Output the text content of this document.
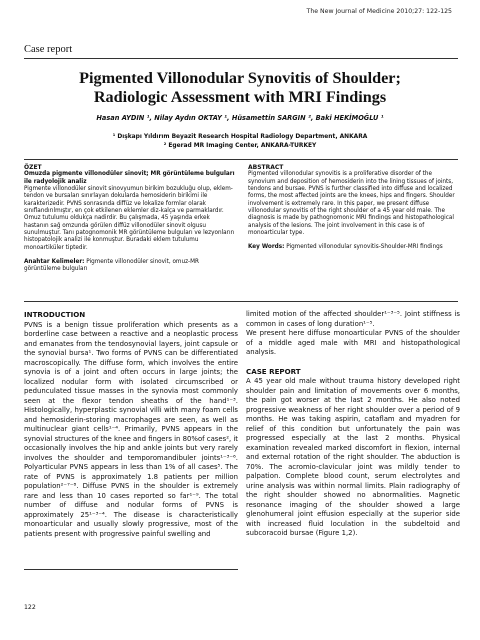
The New Journal of Medicine 2010;27: 122-125
Case report
Pigmented Villonodular Synovitis of Shoulder;
Radiologic Assessment with MRI Findings
Hasan AYDIN ¹, Nilay Aydın OKTAY ¹, Hüsamettin SARGIN ², Baki HEKİMOĞLU ¹
¹ Dışkapı Yıldırım Beyazit Research Hospital Radiology Department, ANKARA
² Egerad MR Imaging Center, ANKARA-TURKEY
ÖZET

Omuzda pigmente villonodüler sinovit; MR görüntüleme bulguları ile radyolojik analiz

Pigmente villonodüler sinovit sinovyumun birikim bozukluğu olup, eklem-tendon ve bursaları sınırlayan dokularda hemosiderin birikimi ile karakterizedir. PVNS sonrasında diffüz ve lokalize formlar olarak sınıflandırılmıştır, en çok etkilenen eklemler diz-kalça ve parmaklardır. Omuz tutulumu oldukça nadirdir. Bu çalışmada, 45 yaşında erkek hastanın sağ omzunda görülen diffüz villonodüler sinovit olgusu sunulmuştur. Tanı patognomonik MR görüntüleme bulguları ve lezyonların histopatolojik analizi ile konmuştur. Buradaki eklem tutulumu monoartiküler tiptedir.

Anahtar Kelimeler: Pigmente villonodüler sinovit, omuz-MR görüntüleme bulguları

ABSTRACT

Pigmented villonodular synovitis is a proliferative disorder of the synovium and deposition of hemosiderin into the lining tissues of joints, tendons and bursae. PVNS is further classified into diffuse and localized forms, the most affected joints are the knees, hips and fingers. Shoulder involvement is extremely rare. In this paper, we present diffuse villonodular synovitis of the right shoulder of a 45 year old male. The diagnosis is made by pathognomonic MRI findings and histopathological analysis of the lesions. The joint involvement in this case is of monoarticular type.

Key Words: Pigmented villonodular synovitis-Shoulder-MRI findings

INTRODUCTION

PVNS is a benign tissue proliferation which presents as a borderline case between a reactive and a neoplastic process and emanates from the tendosynovial layers, joint capsule or the synovial bursa¹. Two forms of PVNS can be differentiated macroscopically. The diffuse form, which involves the entire synovia is of a joint and often occurs in large joints; the localized nodular form with isolated circumscribed or pedunculated tissue masses in the synovia most commonly seen at the flexor tendon sheaths of the hand¹⁻³. Histologically, hyperplastic synovial villi with many foam cells and hemosiderin-storing macrophages are seen, as well as multinuclear giant cells¹⁻⁴. Primarily, PVNS appears in the synovial structures of the knee and fingers in 80%of cases², it occasionally involves the hip and ankle joints but very rarely involves the shoulder and temporomandibuler joints¹⁻³⁻⁶. Polyarticular PVNS appears in less than 1% of all cases⁵. The rate of PVNS is approximately 1.8 patients per million population²⁻⁷⁻⁸. Diffuse PVNS in the shoulder is extremely rare and less than 10 cases reported so far¹⁻⁹. The total number of diffuse and nodular forms of PVNS is approximately 25¹⁻³⁻⁴. The disease is characteristically monoarticular and usually slowly progressive, most of the patients present with progressive painful swelling and

limited motion of the affected shoulder¹⁻³⁻⁵. Joint stiffness is common in cases of long duration¹⁻⁵.

We present here diffuse monoarticular PVNS of the shoulder of a middle aged male with MRI and histopathological analysis.

CASE REPORT

A 45 year old male without trauma history developed right shoulder pain and limitation of movements over 6 months, the pain got worser at the last 2 months. He also noted progressive weakness of her right shoulder over a period of 9 months. He was taking aspirin, cataflam and myadren for relief of this condition but unfortunately the pain was progressed especially at the last 2 months. Physical examination revealed marked discomfort in flexion, internal and external rotation of the right shoulder. The abduction is 70%. The acromio-clavicular joint was mildly tender to palpation. Complete blood count, serum electrolytes and urine analysis was within normal limits. Plain radiography of the right shoulder showed no abnormalities. Magnetic resonance imaging of the shoulder showed a large glenohumeral joint effusion especially at the superior side with increased fluid loculation in the subdeltoid and subcoracoid bursae (Figure 1,2).

122
